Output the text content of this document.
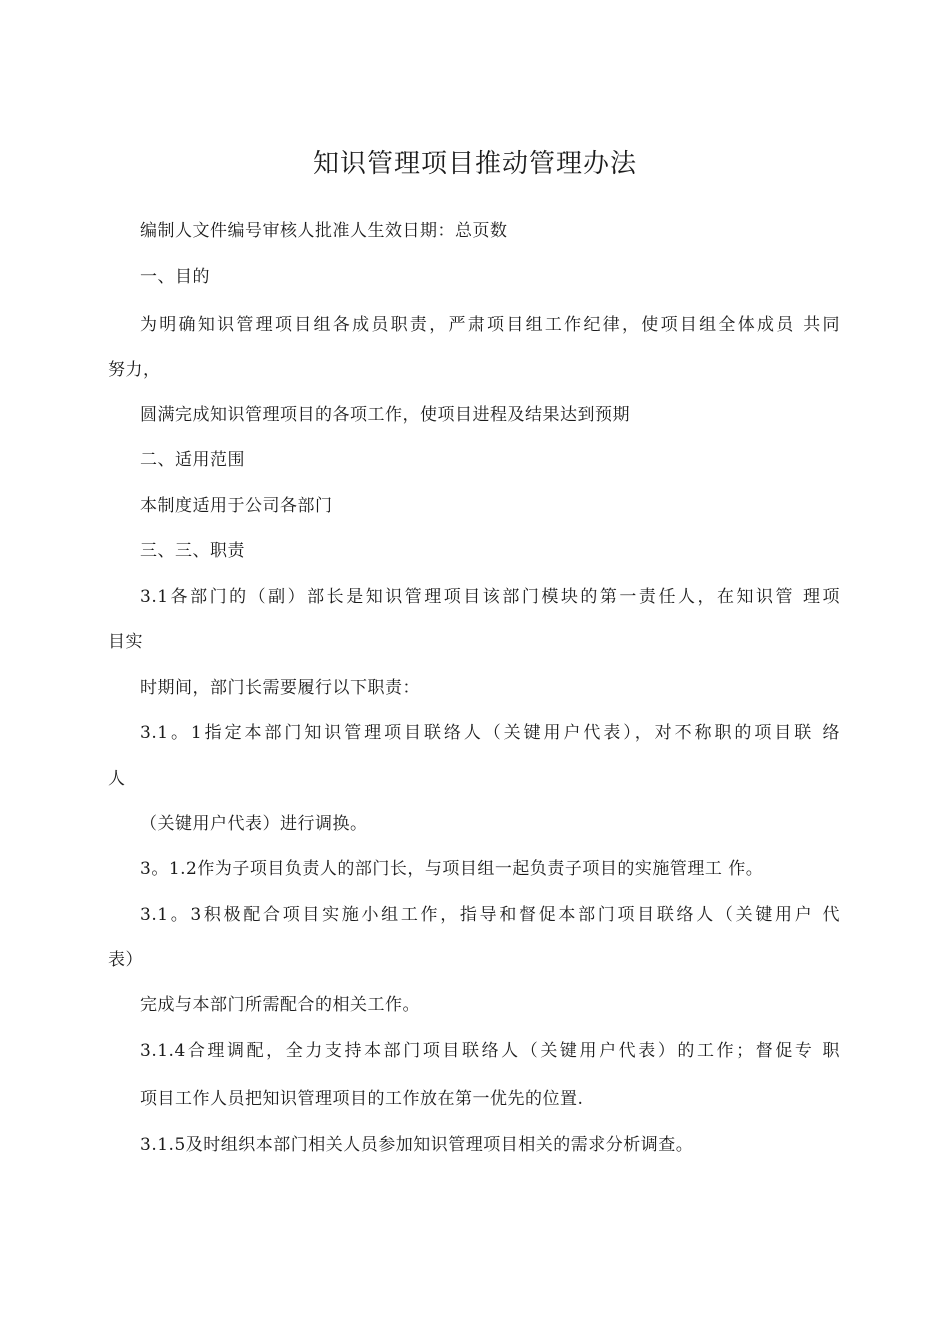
知识管理项目推动管理办法
编制人文件编号审核人批准人生效日期：总页数
一、目的
为明确知识管理项目组各成员职责，严肃项目组工作纪律，使项目组全体成员 共同
努力，
圆满完成知识管理项目的各项工作，使项目进程及结果达到预期
二、适用范围
本制度适用于公司各部门
三、三、职责
3.1各部门的（副）部长是知识管理项目该部门模块的第一责任人，在知识管 理项
目实
时期间，部门长需要履行以下职责：
3.1。1指定本部门知识管理项目联络人（关键用户代表），对不称职的项目联 络
人
（关键用户代表）进行调换。
3。1.2作为子项目负责人的部门长，与项目组一起负责子项目的实施管理工 作。
3.1。3积极配合项目实施小组工作，指导和督促本部门项目联络人（关键用户 代
表）
完成与本部门所需配合的相关工作。
3.1.4合理调配，全力支持本部门项目联络人（关键用户代表）的工作；督促专 职
项目工作人员把知识管理项目的工作放在第一优先的位置.
3.1.5及时组织本部门相关人员参加知识管理项目相关的需求分析调查。
